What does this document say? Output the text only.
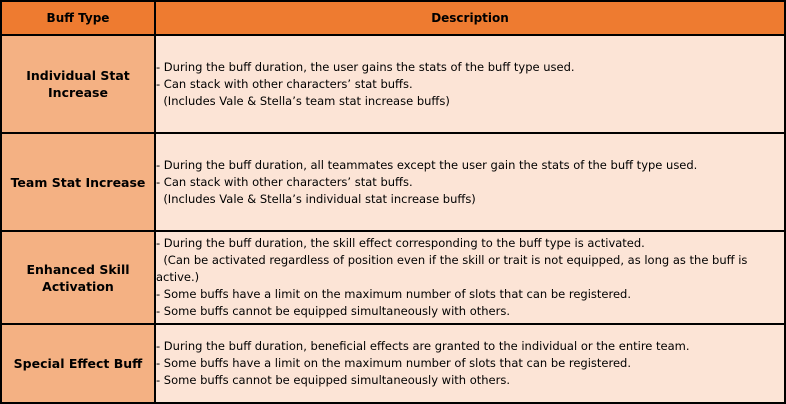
Buff Type	Description
Individual Stat Increase	- During the buff duration, the user gains the stats of the buff type used.
- Can stack with other characters’ stat buffs.
(Includes Vale & Stella’s team stat increase buffs)

Team Stat Increase	- During the buff duration, all teammates except the user gain the stats of the buff type used.
- Can stack with other characters’ stat buffs.
(Includes Vale & Stella’s individual stat increase buffs)

Enhanced Skill Activation	- During the buff duration, the skill effect corresponding to the buff type is activated.
(Can be activated regardless of position even if the skill or trait is not equipped, as long as the buff is active.)
- Some buffs have a limit on the maximum number of slots that can be registered.
- Some buffs cannot be equipped simultaneously with others.

Special Effect Buff	- During the buff duration, beneficial effects are granted to the individual or the entire team.
- Some buffs have a limit on the maximum number of slots that can be registered.
- Some buffs cannot be equipped simultaneously with others.
